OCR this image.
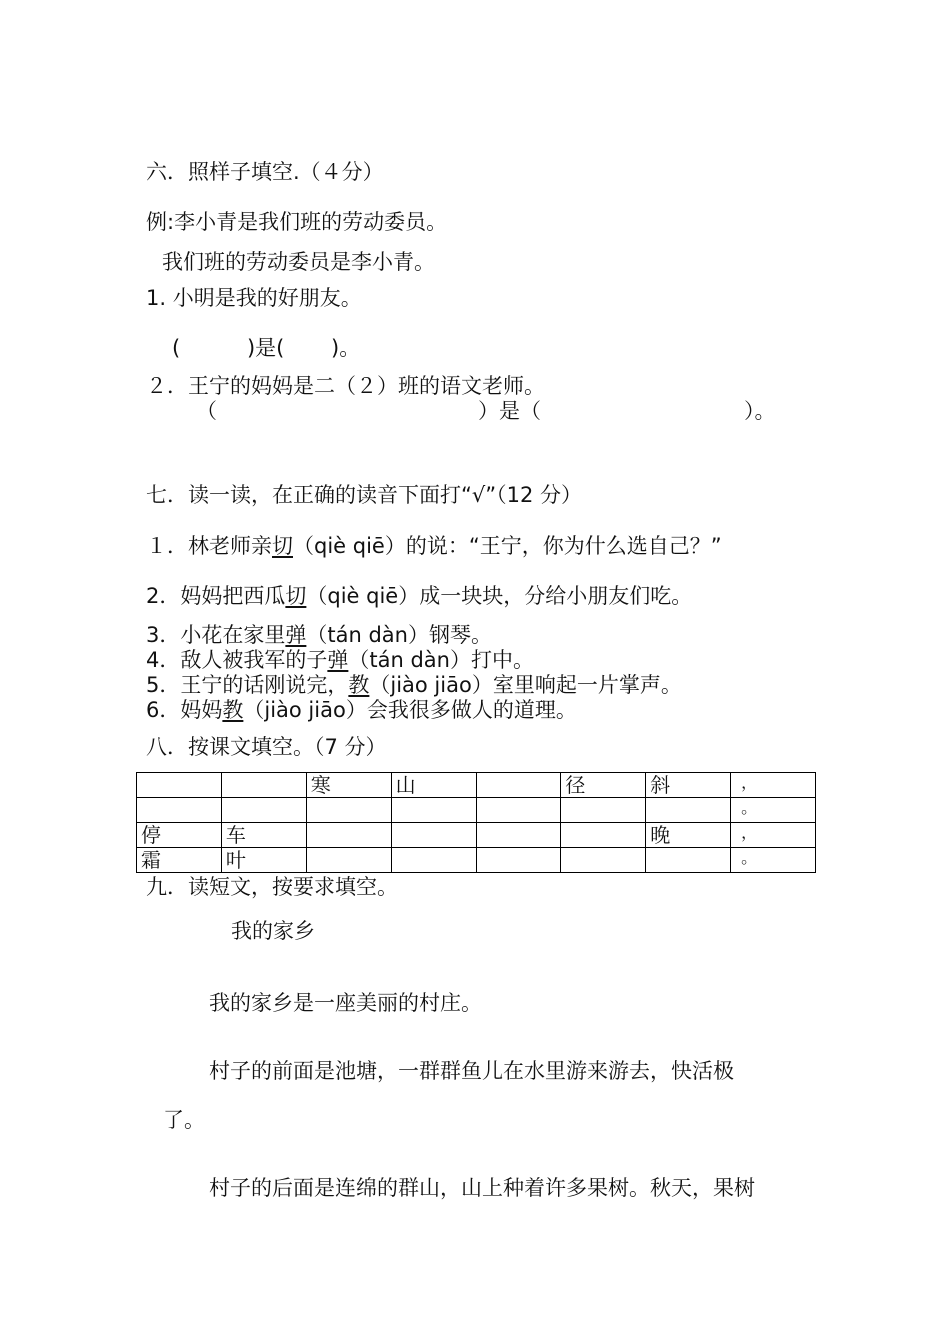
六．照样子填空.（４分）
例:李小青是我们班的劳动委员。
我们班的劳动委员是李小青。
1. 小明是我的好朋友。
(          )是(       )。
２．王宁的妈妈是二（２）班的语文老师。
（	）是（	）。
七．读一读，在正确的读音下面打“√”（12 分）
１．林老师亲切（qiè qiē）的说：“王宁，你为什么选自己？”
2．妈妈把西瓜切（qiè qiē）成一块块，分给小朋友们吃。
3．小花在家里弹（tán dàn）钢琴。
4．敌人被我军的子弹（tán dàn）打中。
5．王宁的话刚说完，教（jiào jiāo）室里响起一片掌声。
6．妈妈教（jiào jiāo）会我很多做人的道理。
八．按课文填空。（7 分）
		寒	山		径	斜	，
							。
停	车					晚	，
霜	叶						。
九．读短文，按要求填空。
我的家乡
我的家乡是一座美丽的村庄。
村子的前面是池塘，一群群鱼儿在水里游来游去，快活极
了。
村子的后面是连绵的群山，山上种着许多果树。秋天，果树
